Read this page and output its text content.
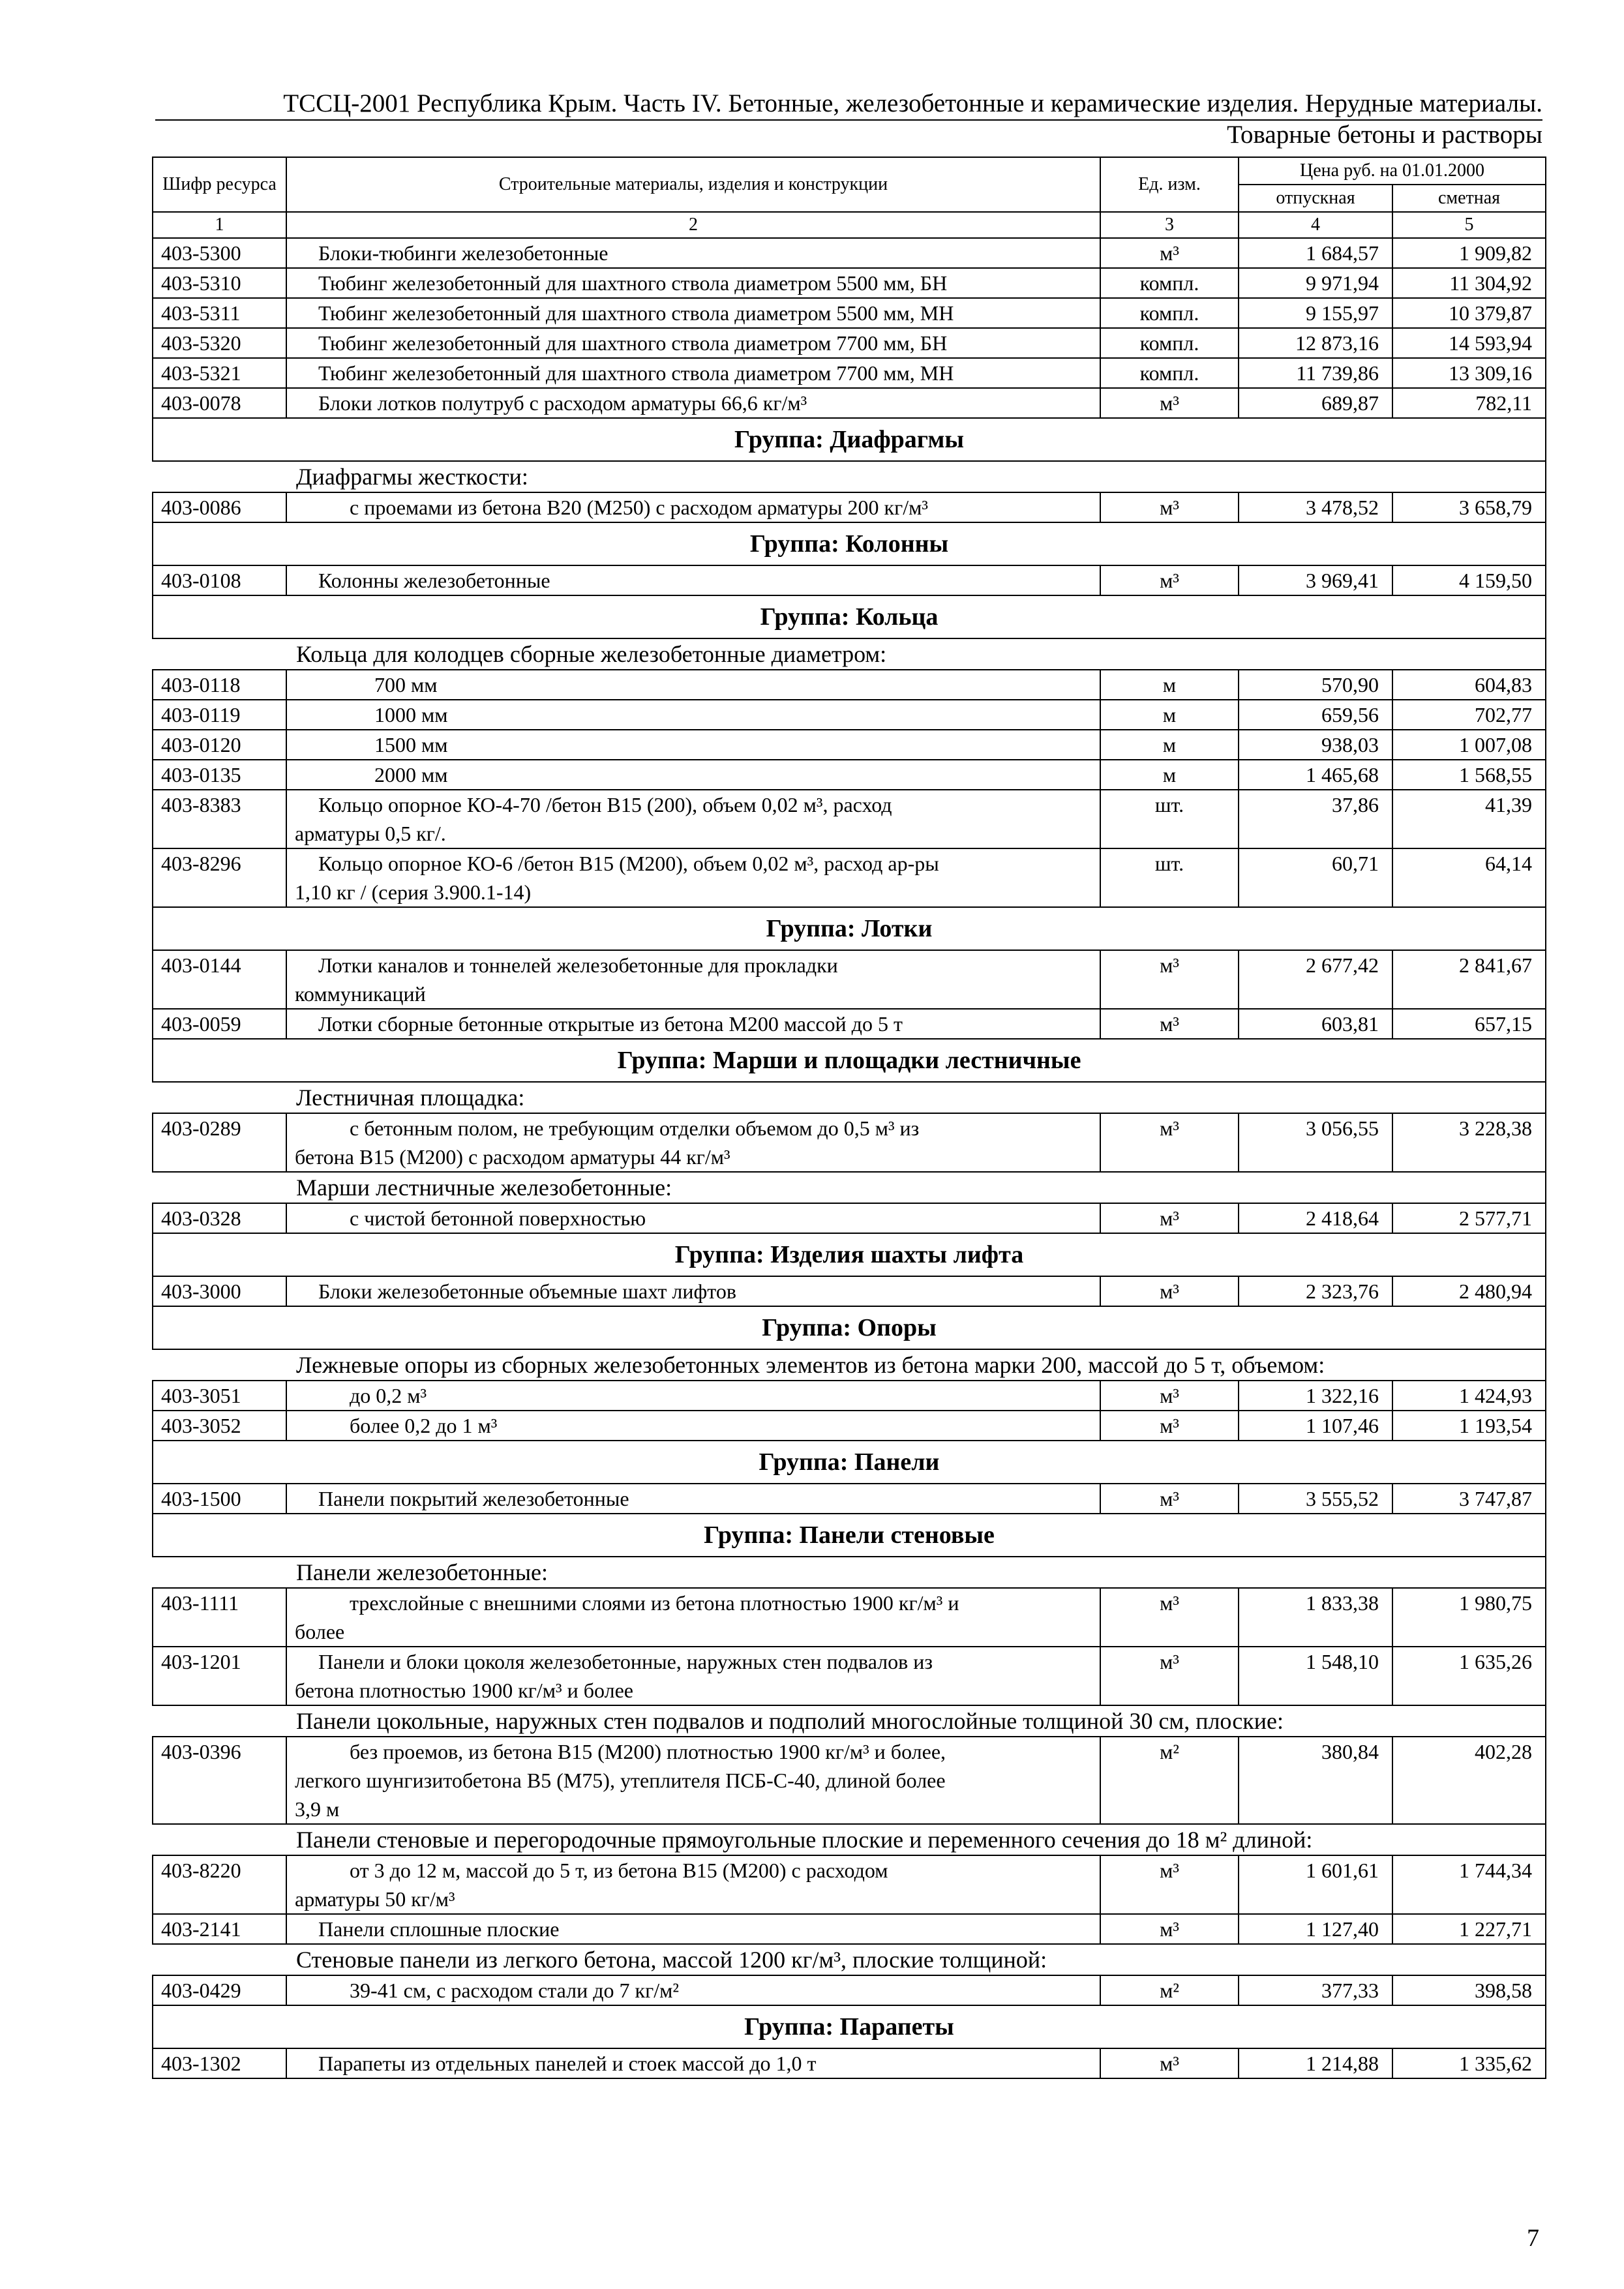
ТССЦ-2001 Республика Крым. Часть IV. Бетонные, железобетонные и керамические изделия. Нерудные материалы.
Товарные бетоны и растворы
Шифр ресурса	Строительные материалы, изделия и конструкции	Ед. изм.	Цена руб. на 01.01.2000	
			отпускная	сметная
1	2	3	4	5
403-5300	Блоки-тюбинги железобетонные	м³	1 684,57	1 909,82
403-5310	Тюбинг железобетонный для шахтного ствола диаметром 5500 мм, БН	компл.	9 971,94	11 304,92
403-5311	Тюбинг железобетонный для шахтного ствола диаметром 5500 мм, МН	компл.	9 155,97	10 379,87
403-5320	Тюбинг железобетонный для шахтного ствола диаметром 7700 мм, БН	компл.	12 873,16	14 593,94
403-5321	Тюбинг железобетонный для шахтного ствола диаметром 7700 мм, МН	компл.	11 739,86	13 309,16
403-0078	Блоки лотков полутруб с расходом арматуры 66,6 кг/м³	м³	689,87	782,11
Группа: Диафрагмы				
Диафрагмы жесткости:				
403-0086	с проемами из бетона В20 (М250) с расходом арматуры 200 кг/м³	м³	3 478,52	3 658,79
Группа: Колонны				
403-0108	Колонны железобетонные	м³	3 969,41	4 159,50
Группа: Кольца				
Кольца для колодцев сборные железобетонные диаметром:				
403-0118	700 мм	м	570,90	604,83
403-0119	1000 мм	м	659,56	702,77
403-0120	1500 мм	м	938,03	1 007,08
403-0135	2000 мм	м	1 465,68	1 568,55
403-8383	Кольцо опорное КО-4-70 /бетон В15 (200), объем 0,02 м³, расход
арматуры 0,5 кг/.	шт.	37,86	41,39
403-8296	Кольцо опорное КО-6 /бетон В15 (М200), объем 0,02 м³, расход ар-ры
1,10 кг / (серия 3.900.1-14)	шт.	60,71	64,14
Группа: Лотки				
403-0144	Лотки каналов и тоннелей железобетонные для прокладки
коммуникаций	м³	2 677,42	2 841,67
403-0059	Лотки сборные бетонные открытые из бетона М200 массой до 5 т	м³	603,81	657,15
Группа: Марши и площадки лестничные				
Лестничная площадка:				
403-0289	с бетонным полом, не требующим отделки объемом до 0,5 м³ из
бетона В15 (М200) с расходом арматуры 44 кг/м³	м³	3 056,55	3 228,38
Марши лестничные железобетонные:				
403-0328	с чистой бетонной поверхностью	м³	2 418,64	2 577,71
Группа: Изделия шахты лифта				
403-3000	Блоки железобетонные объемные шахт лифтов	м³	2 323,76	2 480,94
Группа: Опоры				
Лежневые опоры из сборных железобетонных элементов из бетона марки 200, массой до 5 т, объемом:				
403-3051	до 0,2 м³	м³	1 322,16	1 424,93
403-3052	более 0,2 до 1 м³	м³	1 107,46	1 193,54
Группа: Панели				
403-1500	Панели покрытий железобетонные	м³	3 555,52	3 747,87
Группа: Панели стеновые				
Панели железобетонные:				
403-1111	трехслойные с внешними слоями из бетона плотностью 1900 кг/м³ и
более	м³	1 833,38	1 980,75
403-1201	Панели и блоки цоколя железобетонные, наружных стен подвалов из
бетона плотностью 1900 кг/м³ и более	м³	1 548,10	1 635,26
Панели цокольные, наружных стен подвалов и подполий многослойные толщиной 30 см, плоские:				
403-0396	без проемов, из бетона В15 (М200) плотностью 1900 кг/м³ и более,
легкого шунгизитобетона В5 (М75), утеплителя ПСБ-С-40, длиной более
3,9 м	м²	380,84	402,28
Панели стеновые и перегородочные прямоугольные плоские и переменного сечения до 18 м² длиной:				
403-8220	от 3 до 12 м, массой до 5 т, из бетона В15 (М200) с расходом
арматуры 50 кг/м³	м³	1 601,61	1 744,34
403-2141	Панели сплошные плоские	м³	1 127,40	1 227,71
Стеновые панели из легкого бетона, массой 1200 кг/м³, плоские толщиной:				
403-0429	39-41 см, с расходом стали до 7 кг/м²	м²	377,33	398,58
Группа: Парапеты				
403-1302	Парапеты из отдельных панелей и стоек массой до 1,0 т	м³	1 214,88	1 335,62
7
